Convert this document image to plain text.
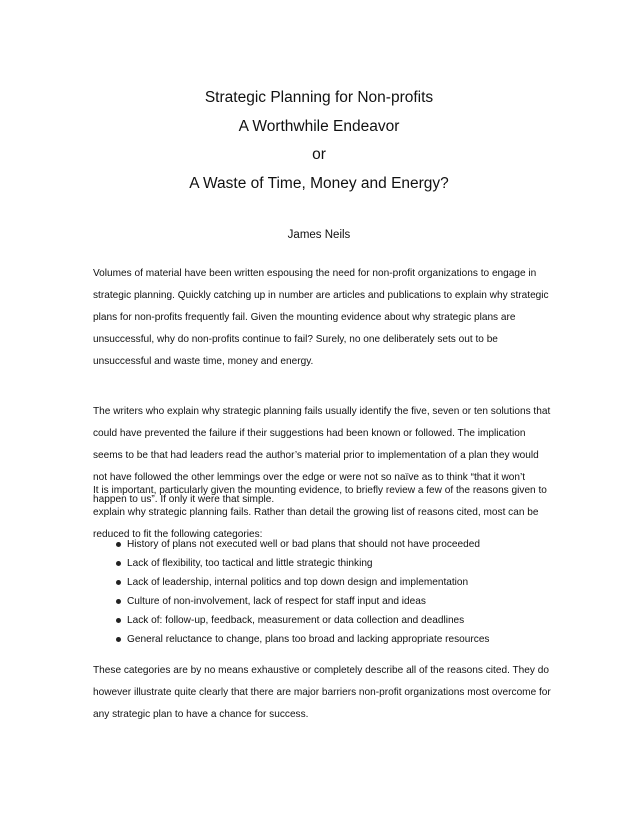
Strategic Planning for Non-profits
A Worthwhile Endeavor
or
A Waste of Time, Money and Energy?
James Neils

Volumes of material have been written espousing the need for non-profit organizations to engage in strategic planning. Quickly catching up in number are articles and publications to explain why strategic plans for non-profits frequently fail. Given the mounting evidence about why strategic plans are unsuccessful, why do non-profits continue to fail? Surely, no one deliberately sets out to be unsuccessful and waste time, money and energy.

The writers who explain why strategic planning fails usually identify the five, seven or ten solutions that could have prevented the failure if their suggestions had been known or followed. The implication seems to be that had leaders read the author’s material prior to implementation of a plan they would not have followed the other lemmings over the edge or were not so naïve as to think “that it won’t happen to us”. If only it were that simple.

It is important, particularly given the mounting evidence, to briefly review a few of the reasons given to explain why strategic planning fails. Rather than detail the growing list of reasons cited, most can be reduced to fit the following categories:

History of plans not executed well or bad plans that should not have proceeded
Lack of flexibility, too tactical and little strategic thinking
Lack of leadership, internal politics and top down design and implementation
Culture of non-involvement, lack of respect for staff input and ideas
Lack of: follow-up, feedback, measurement or data collection and deadlines
General reluctance to change, plans too broad and lacking appropriate resources

These categories are by no means exhaustive or completely describe all of the reasons cited. They do however illustrate quite clearly that there are major barriers non-profit organizations most overcome for any strategic plan to have a chance for success.
